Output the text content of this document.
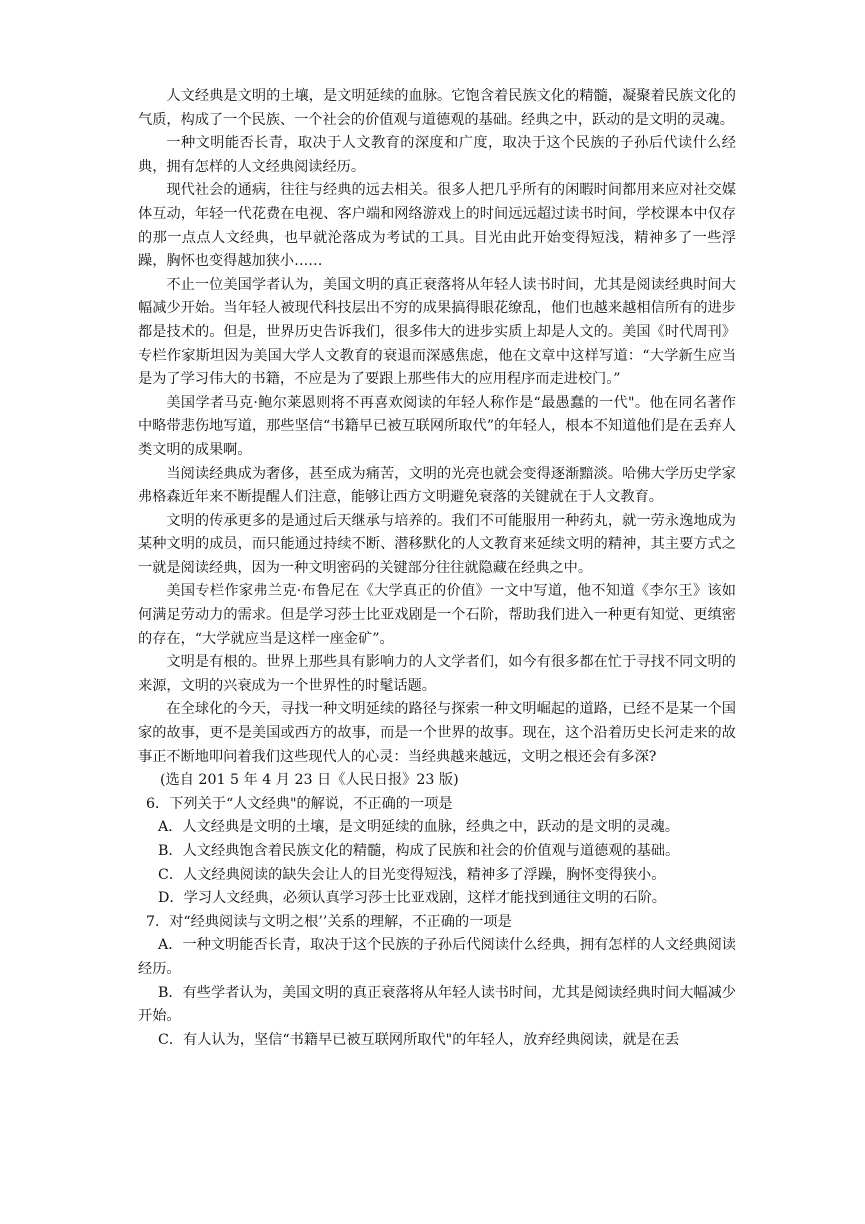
人文经典是文明的土壤，是文明延续的血脉。它饱含着民族文化的精髓，凝聚着民族文化的气质，构成了一个民族、一个社会的价值观与道德观的基础。经典之中，跃动的是文明的灵魂。

一种文明能否长青，取决于人文教育的深度和广度，取决于这个民族的子孙后代读什么经典，拥有怎样的人文经典阅读经历。

现代社会的通病，往往与经典的远去相关。很多人把几乎所有的闲暇时间都用来应对社交媒体互动，年轻一代花费在电视、客户端和网络游戏上的时间远远超过读书时间，学校课本中仅存的那一点点人文经典，也早就沦落成为考试的工具。目光由此开始变得短浅，精神多了一些浮躁，胸怀也变得越加狭小……

不止一位美国学者认为，美国文明的真正衰落将从年轻人读书时间，尤其是阅读经典时间大幅减少开始。当年轻人被现代科技层出不穷的成果搞得眼花缭乱，他们也越来越相信所有的进步都是技术的。但是，世界历史告诉我们，很多伟大的进步实质上却是人文的。美国《时代周刊》专栏作家斯坦因为美国大学人文教育的衰退而深感焦虑，他在文章中这样写道：“大学新生应当是为了学习伟大的书籍，不应是为了要跟上那些伟大的应用程序而走进校门。”

美国学者马克·鲍尔莱恩则将不再喜欢阅读的年轻人称作是“最愚蠢的一代"。他在同名著作中略带悲伤地写道，那些坚信“书籍早已被互联网所取代”的年轻人，根本不知道他们是在丢弃人类文明的成果啊。

当阅读经典成为奢侈，甚至成为痛苦，文明的光亮也就会变得逐渐黯淡。哈佛大学历史学家弗格森近年来不断提醒人们注意，能够让西方文明避免衰落的关键就在于人文教育。

文明的传承更多的是通过后天继承与培养的。我们不可能服用一种药丸，就一劳永逸地成为某种文明的成员，而只能通过持续不断、潜移默化的人文教育来延续文明的精神，其主要方式之一就是阅读经典，因为一种文明密码的关键部分往往就隐藏在经典之中。

美国专栏作家弗兰克·布鲁尼在《大学真正的价值》一文中写道，他不知道《李尔王》该如何满足劳动力的需求。但是学习莎士比亚戏剧是一个石阶，帮助我们进入一种更有知觉、更缜密的存在，“大学就应当是这样一座金矿”。

文明是有根的。世界上那些具有影响力的人文学者们，如今有很多都在忙于寻找不同文明的来源，文明的兴衰成为一个世界性的时髦话题。

在全球化的今天，寻找一种文明延续的路径与探索一种文明崛起的道路，已经不是某一个国家的故事，更不是美国或西方的故事，而是一个世界的故事。现在，这个沿着历史长河走来的故事正不断地叩问着我们这些现代人的心灵：当经典越来越远，文明之根还会有多深?

(选自 201 5 年 4 月 23 日《人民日报》23 版)

6．下列关于“人文经典"的解说，不正确的一项是

A．人文经典是文明的土壤，是文明延续的血脉，经典之中，跃动的是文明的灵魂。

B．人文经典饱含着民族文化的精髓，构成了民族和社会的价值观与道德观的基础。

C．人文经典阅读的缺失会让人的目光变得短浅，精神多了浮躁，胸怀变得狭小。

D．学习人文经典，必须认真学习莎士比亚戏剧，这样才能找到通往文明的石阶。

7．对“经典阅读与文明之根’’关系的理解，不正确的一项是

A．一种文明能否长青，取决于这个民族的子孙后代阅读什么经典，拥有怎样的人文经典阅读经历。

B．有些学者认为，美国文明的真正衰落将从年轻人读书时间，尤其是阅读经典时间大幅减少开始。

C．有人认为，坚信“书籍早已被互联网所取代"的年轻人，放弃经典阅读，就是在丢
